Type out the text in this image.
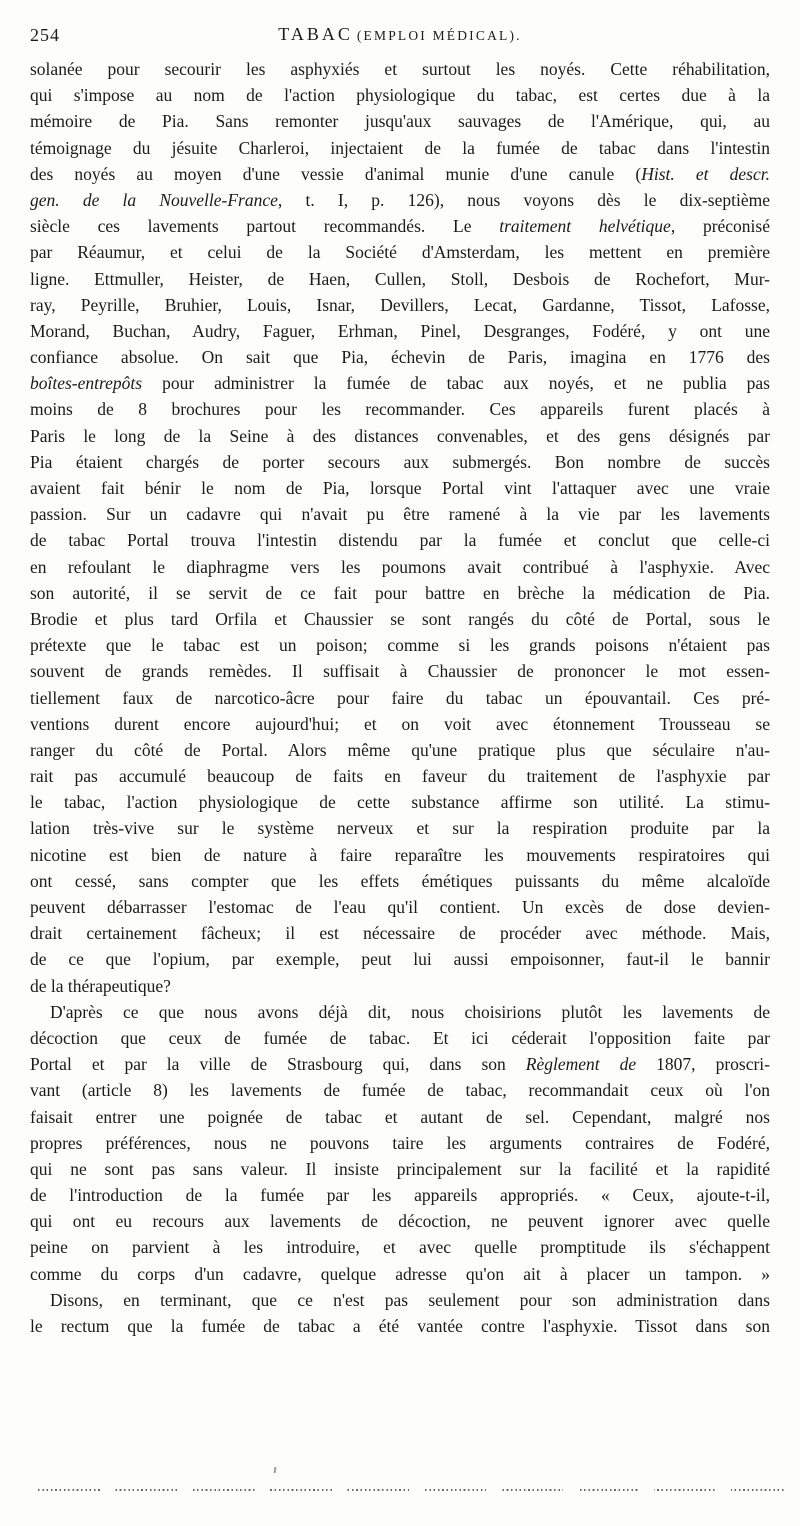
254	TABAC (EMPLOI MÉDICAL).
solanée pour secourir les asphyxiés et surtout les noyés. Cette réhabilitation,
qui s'impose au nom de l'action physiologique du tabac, est certes due à la
mémoire de Pia. Sans remonter jusqu'aux sauvages de l'Amérique, qui, au
témoignage du jésuite Charleroi, injectaient de la fumée de tabac dans l'intestin
des noyés au moyen d'une vessie d'animal munie d'une canule (Hist. et descr.
gen. de la Nouvelle-France, t. I, p. 126), nous voyons dès le dix-septième
siècle ces lavements partout recommandés. Le traitement helvétique, préconisé
par Réaumur, et celui de la Société d'Amsterdam, les mettent en première
ligne. Ettmuller, Heister, de Haen, Cullen, Stoll, Desbois de Rochefort, Mur-
ray, Peyrille, Bruhier, Louis, Isnar, Devillers, Lecat, Gardanne, Tissot, Lafosse,
Morand, Buchan, Audry, Faguer, Erhman, Pinel, Desgranges, Fodéré, y ont une
confiance absolue. On sait que Pia, échevin de Paris, imagina en 1776 des
boîtes-entrepôts pour administrer la fumée de tabac aux noyés, et ne publia pas
moins de 8 brochures pour les recommander. Ces appareils furent placés à
Paris le long de la Seine à des distances convenables, et des gens désignés par
Pia étaient chargés de porter secours aux submergés. Bon nombre de succès
avaient fait bénir le nom de Pia, lorsque Portal vint l'attaquer avec une vraie
passion. Sur un cadavre qui n'avait pu être ramené à la vie par les lavements
de tabac Portal trouva l'intestin distendu par la fumée et conclut que celle-ci
en refoulant le diaphragme vers les poumons avait contribué à l'asphyxie. Avec
son autorité, il se servit de ce fait pour battre en brèche la médication de Pia.
Brodie et plus tard Orfila et Chaussier se sont rangés du côté de Portal, sous le
prétexte que le tabac est un poison; comme si les grands poisons n'étaient pas
souvent de grands remèdes. Il suffisait à Chaussier de prononcer le mot essen-
tiellement faux de narcotico-âcre pour faire du tabac un épouvantail. Ces pré-
ventions durent encore aujourd'hui; et on voit avec étonnement Trousseau se
ranger du côté de Portal. Alors même qu'une pratique plus que séculaire n'au-
rait pas accumulé beaucoup de faits en faveur du traitement de l'asphyxie par
le tabac, l'action physiologique de cette substance affirme son utilité. La stimu-
lation très-vive sur le système nerveux et sur la respiration produite par la
nicotine est bien de nature à faire reparaître les mouvements respiratoires qui
ont cessé, sans compter que les effets émétiques puissants du même alcaloïde
peuvent débarrasser l'estomac de l'eau qu'il contient. Un excès de dose devien-
drait certainement fâcheux; il est nécessaire de procéder avec méthode. Mais,
de ce que l'opium, par exemple, peut lui aussi empoisonner, faut-il le bannir
de la thérapeutique?
D'après ce que nous avons déjà dit, nous choisirions plutôt les lavements de
décoction que ceux de fumée de tabac. Et ici céderait l'opposition faite par
Portal et par la ville de Strasbourg qui, dans son Règlement de 1807, proscri-
vant (article 8) les lavements de fumée de tabac, recommandait ceux où l'on
faisait entrer une poignée de tabac et autant de sel. Cependant, malgré nos
propres préférences, nous ne pouvons taire les arguments contraires de Fodéré,
qui ne sont pas sans valeur. Il insiste principalement sur la facilité et la rapidité
de l'introduction de la fumée par les appareils appropriés. « Ceux, ajoute-t-il,
qui ont eu recours aux lavements de décoction, ne peuvent ignorer avec quelle
peine on parvient à les introduire, et avec quelle promptitude ils s'échappent
comme du corps d'un cadavre, quelque adresse qu'on ait à placer un tampon. »
Disons, en terminant, que ce n'est pas seulement pour son administration dans
le rectum que la fumée de tabac a été vantée contre l'asphyxie. Tissot dans son
